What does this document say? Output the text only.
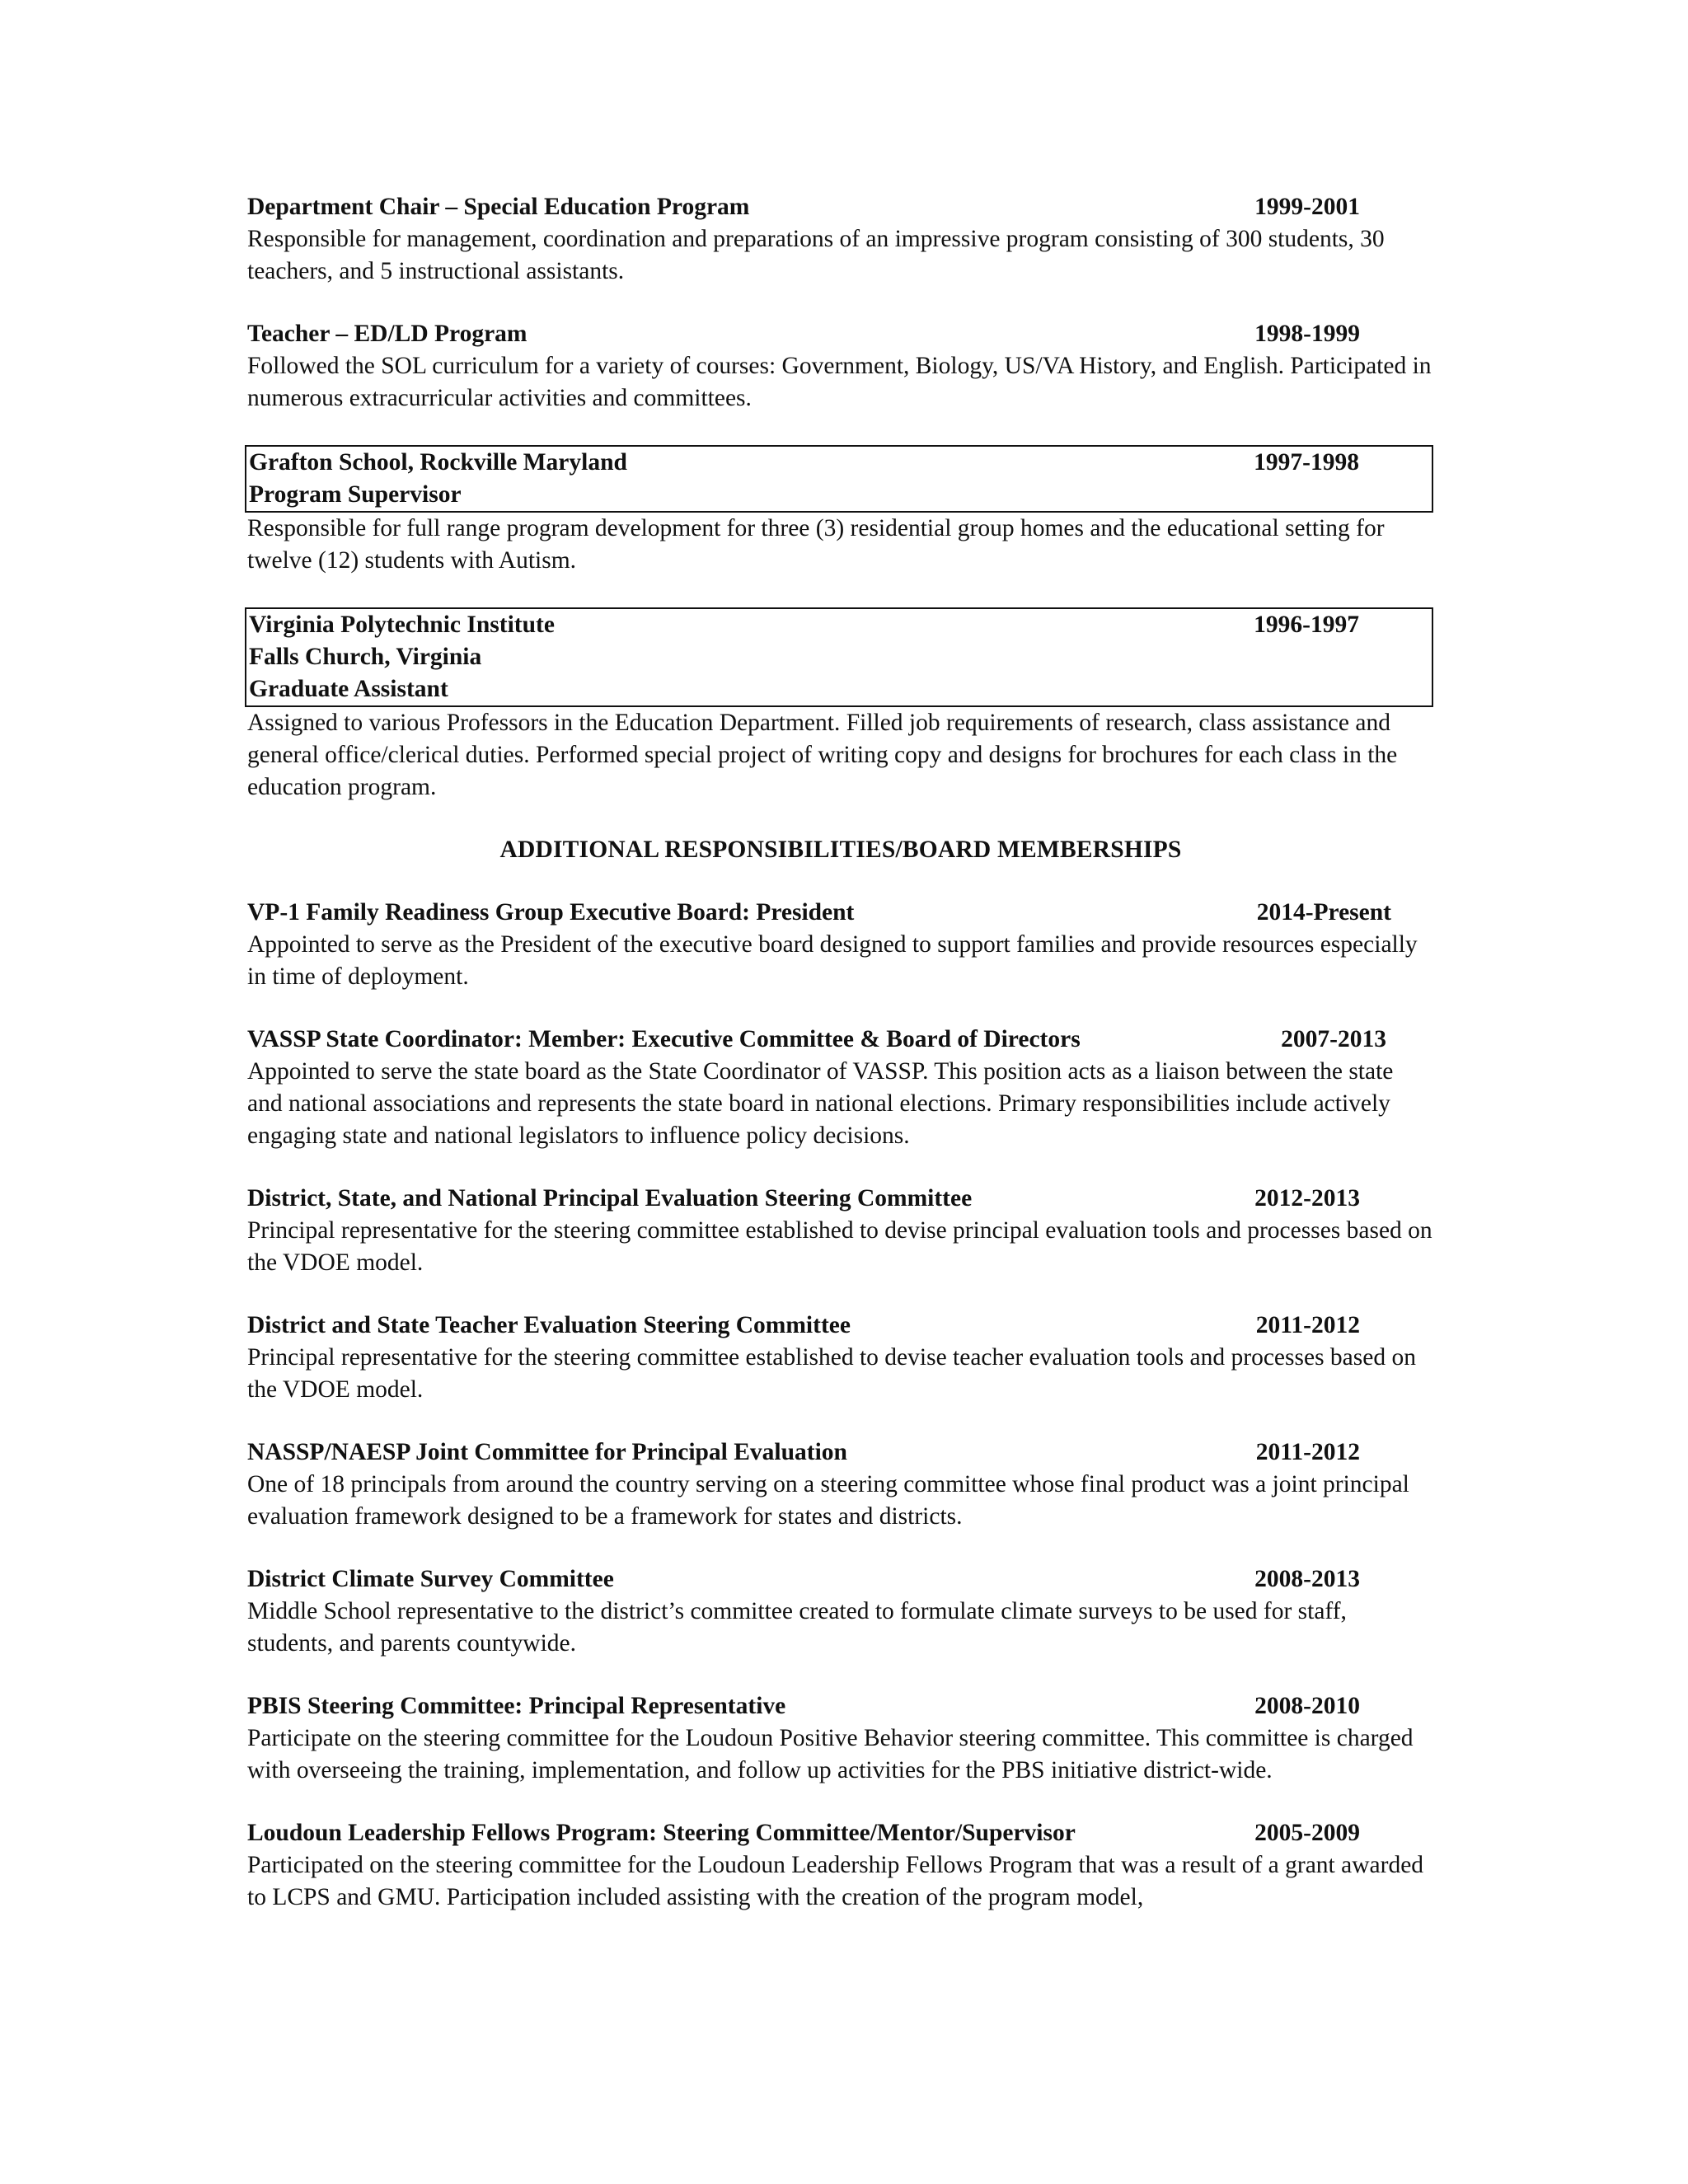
Department Chair – Special Education Program	1999-2001

Responsible for management, coordination and preparations of an impressive program consisting of 300 students, 30 teachers, and 5 instructional assistants.

Teacher – ED/LD Program	1998-1999

Followed the SOL curriculum for a variety of courses: Government, Biology, US/VA History, and English. Participated in numerous extracurricular activities and committees.

Grafton School, Rockville Maryland	1997-1998
Program Supervisor

Responsible for full range program development for three (3) residential group homes and the educational setting for twelve (12) students with Autism.

Virginia Polytechnic Institute	1996-1997
Falls Church, Virginia
Graduate Assistant

Assigned to various Professors in the Education Department. Filled job requirements of research, class assistance and general office/clerical duties. Performed special project of writing copy and designs for brochures for each class in the education program.

ADDITIONAL RESPONSIBILITIES/BOARD MEMBERSHIPS
VP-1 Family Readiness Group Executive Board: President	2014-Present

Appointed to serve as the President of the executive board designed to support families and provide resources especially in time of deployment.

VASSP State Coordinator: Member: Executive Committee & Board of Directors	2007-2013

Appointed to serve the state board as the State Coordinator of VASSP. This position acts as a liaison between the state and national associations and represents the state board in national elections. Primary responsibilities include actively engaging state and national legislators to influence policy decisions.

District, State, and National Principal Evaluation Steering Committee	2012-2013

Principal representative for the steering committee established to devise principal evaluation tools and processes based on the VDOE model.

District and State Teacher Evaluation Steering Committee	2011-2012

Principal representative for the steering committee established to devise teacher evaluation tools and processes based on the VDOE model.

NASSP/NAESP Joint Committee for Principal Evaluation	2011-2012

One of 18 principals from around the country serving on a steering committee whose final product was a joint principal evaluation framework designed to be a framework for states and districts.

District Climate Survey Committee	2008-2013

Middle School representative to the district’s committee created to formulate climate surveys to be used for staff, students, and parents countywide.

PBIS Steering Committee: Principal Representative	2008-2010

Participate on the steering committee for the Loudoun Positive Behavior steering committee. This committee is charged with overseeing the training, implementation, and follow up activities for the PBS initiative district-wide.

Loudoun Leadership Fellows Program: Steering Committee/Mentor/Supervisor	2005-2009

Participated on the steering committee for the Loudoun Leadership Fellows Program that was a result of a grant awarded to LCPS and GMU. Participation included assisting with the creation of the program model,
